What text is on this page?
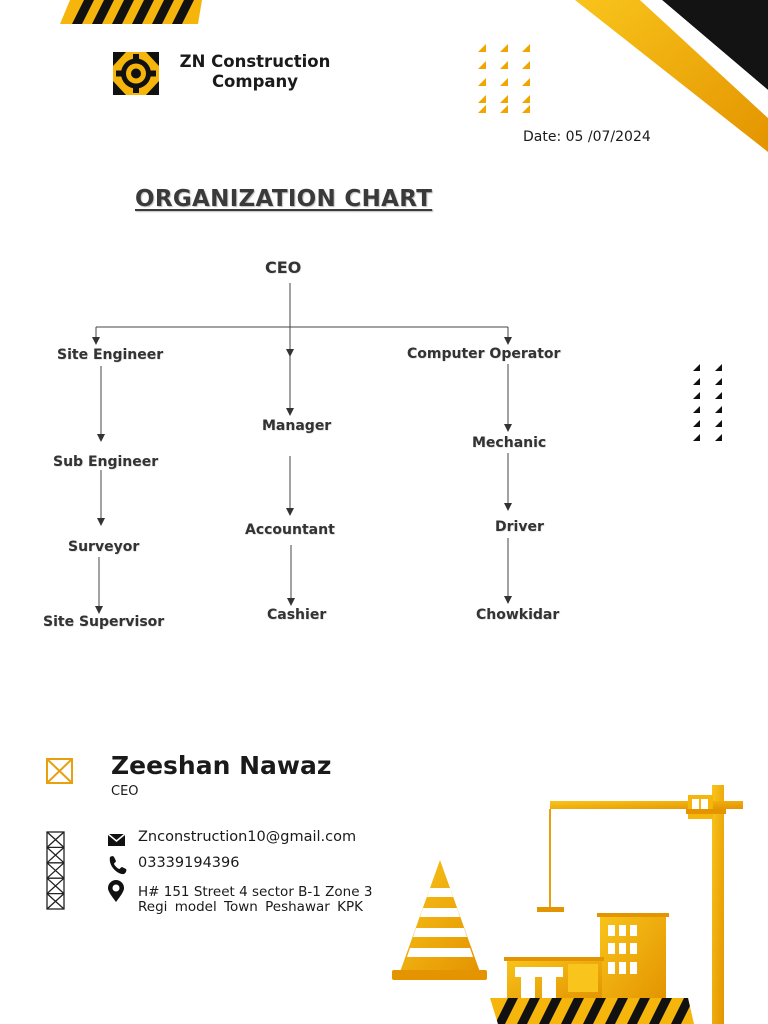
ZN Construction
Company
Date: 05 /07/2024
ORGANIZATION CHART
CEO
Site Engineer
Sub Engineer
Surveyor
Site Supervisor
Manager
Accountant
Cashier
Computer Operator
Mechanic
Driver
Chowkidar
Zeeshan Nawaz
CEO
Znconstruction10@gmail.com
03339194396
H# 151 Street 4 sector B-1 Zone 3
Regi model Town Peshawar KPK
